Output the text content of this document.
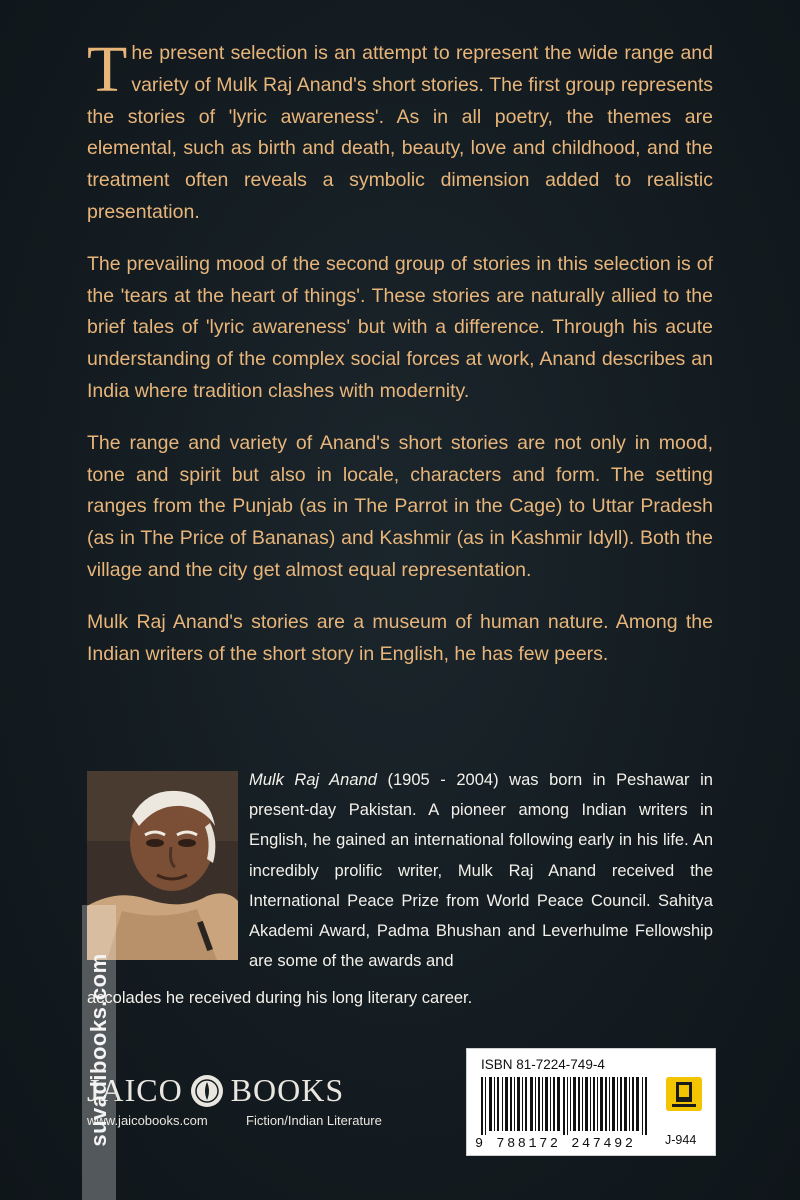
The present selection is an attempt to represent the wide range and variety of Mulk Raj Anand's short stories. The first group represents the stories of 'lyric awareness'. As in all poetry, the themes are elemental, such as birth and death, beauty, love and childhood, and the treatment often reveals a symbolic dimension added to realistic presentation.

The prevailing mood of the second group of stories in this selection is of the 'tears at the heart of things'. These stories are naturally allied to the brief tales of 'lyric awareness' but with a difference. Through his acute understanding of the complex social forces at work, Anand describes an India where tradition clashes with modernity.

The range and variety of Anand's short stories are not only in mood, tone and spirit but also in locale, characters and form. The setting ranges from the Punjab (as in The Parrot in the Cage) to Uttar Pradesh (as in The Price of Bananas) and Kashmir (as in Kashmir Idyll). Both the village and the city get almost equal representation.

Mulk Raj Anand's stories are a museum of human nature. Among the Indian writers of the short story in English, he has few peers.

Mulk Raj Anand (1905 - 2004) was born in Peshawar in present-day Pakistan. A pioneer among Indian writers in English, he gained an international following early in his life. An incredibly prolific writer, Mulk Raj Anand received the International Peace Prize from World Peace Council. Sahitya Akademi Award, Padma Bhushan and Leverhulme Fellowship are some of the awards and
accolades he received during his long literary career.
JAICO BOOKS
www.jaicobooks.com	Fiction/Indian Literature
ISBN 81-7224-749-4
9 788172 247492 J-944
suvadibooks.com
